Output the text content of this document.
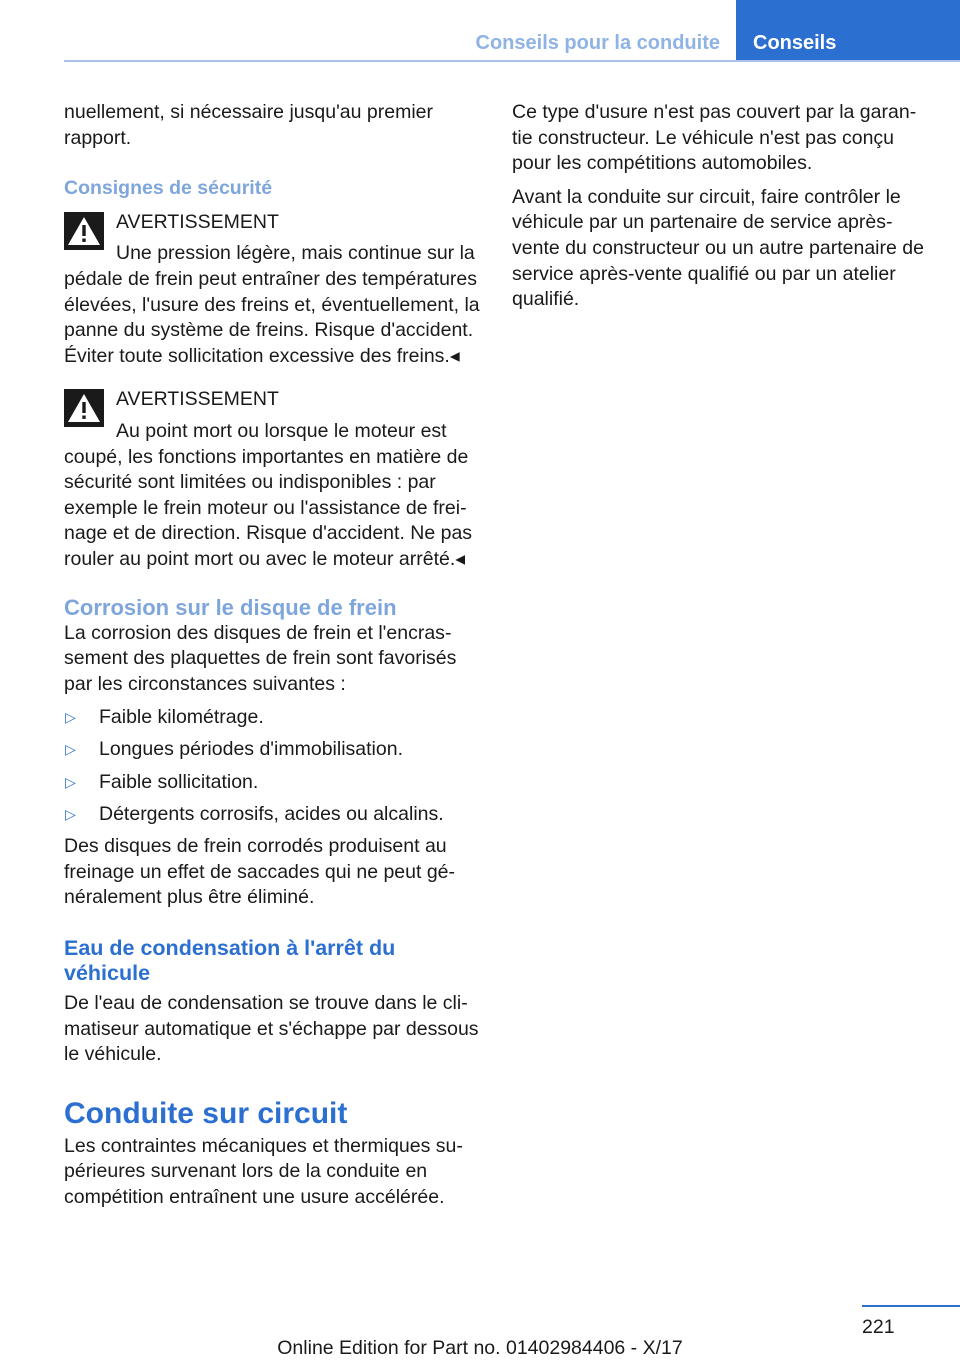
Conseils pour la conduite	Conseils

nuellement, si nécessaire jusqu'au premier rapport.

Consignes de sécurité

AVERTISSEMENT

Une pression légère, mais continue sur la pédale de frein peut entraîner des températures élevées, l'usure des freins et, éventuellement, la panne du système de freins. Risque d'accident. Éviter toute sollicitation excessive des freins.◂

AVERTISSEMENT

Au point mort ou lorsque le moteur est coupé, les fonctions importantes en matière de sécurité sont limitées ou indisponibles : par exemple le frein moteur ou l'assistance de freinage et de direction. Risque d'accident. Ne pas rouler au point mort ou avec le moteur arrêté.◂

Corrosion sur le disque de frein

La corrosion des disques de frein et l'encrassement des plaquettes de frein sont favorisés par les circonstances suivantes :

▷ Faible kilométrage.
▷ Longues périodes d'immobilisation.
▷ Faible sollicitation.
▷ Détergents corrosifs, acides ou alcalins.

Des disques de frein corrodés produisent au freinage un effet de saccades qui ne peut généralement plus être éliminé.

Eau de condensation à l'arrêt du véhicule

De l'eau de condensation se trouve dans le climatiseur automatique et s'échappe par dessous le véhicule.

Conduite sur circuit

Les contraintes mécaniques et thermiques supérieures survenant lors de la conduite en compétition entraînent une usure accélérée.

Ce type d'usure n'est pas couvert par la garantie constructeur. Le véhicule n'est pas conçu pour les compétitions automobiles.

Avant la conduite sur circuit, faire contrôler le véhicule par un partenaire de service après-vente du constructeur ou un autre partenaire de service après-vente qualifié ou par un atelier qualifié.

221
Online Edition for Part no. 01402984406 - X/17
